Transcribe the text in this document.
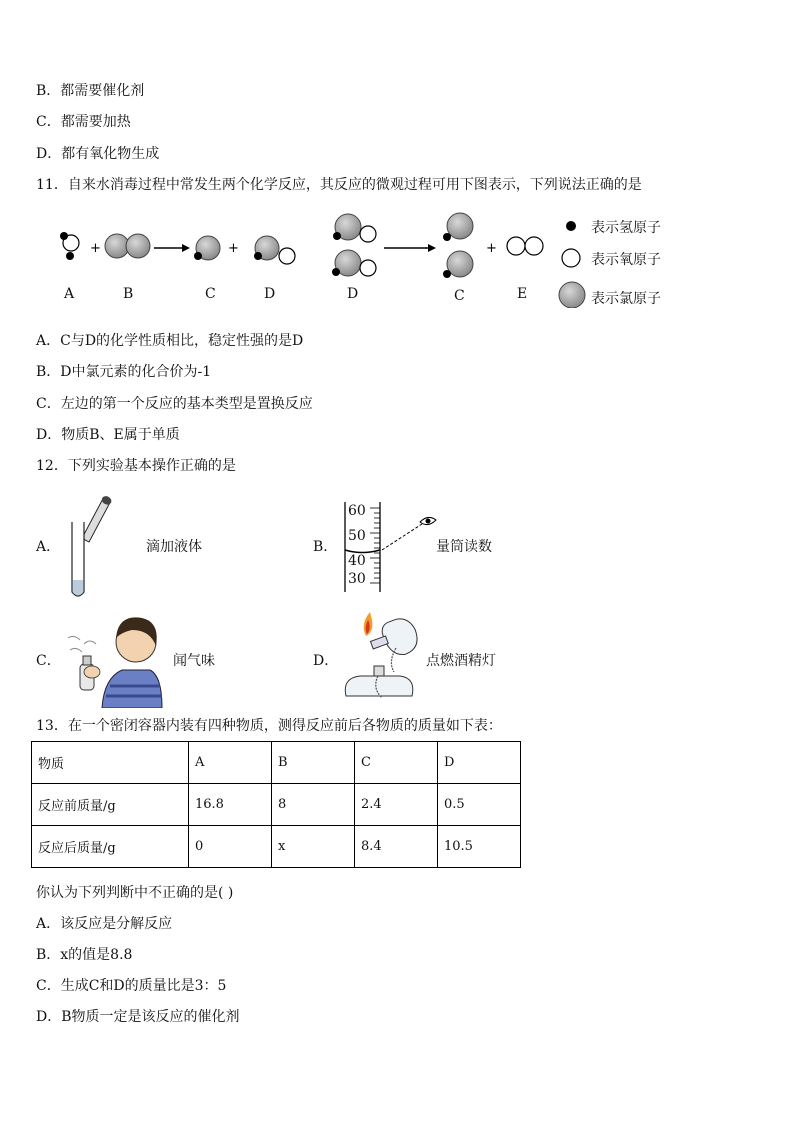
B．都需要催化剂
C．都需要加热
D．都有氧化物生成
11．自来水消毒过程中常发生两个化学反应，其反应的微观过程可用下图表示，下列说法正确的是
+	+	+
A	B	C	D	D	C	E
表示氢原子
表示氧原子
表示氯原子
A．C与D的化学性质相比，稳定性强的是D
B．D中氯元素的化合价为-1
C．左边的第一个反应的基本类型是置换反应
D．物质B、E属于单质
12．下列实验基本操作正确的是
A．	滴加液体	B．
60
50
40
30
量筒读数
C．	闻气味	D．	点燃酒精灯
13．在一个密闭容器内装有四种物质，测得反应前后各物质的质量如下表：
物质	A	B	C	D
反应前质量/g	16.8	8	2.4	0.5
反应后质量/g	0	x	8.4	10.5
你认为下列判断中不正确的是( )
A．该反应是分解反应
B．x的值是8.8
C．生成C和D的质量比是3：5
D．B物质一定是该反应的催化剂
